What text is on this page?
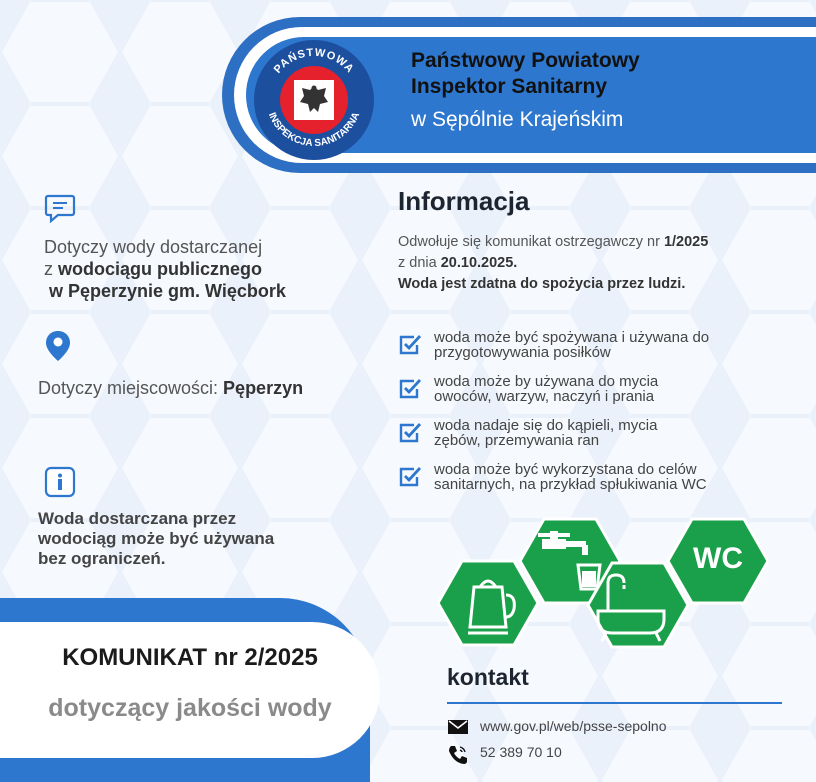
PAŃSTWOWA
INSPEKCJA SANITARNA
Państwowy Powiatowy
Inspektor Sanitarny
w Sępólnie Krajeńskim
Dotyczy wody dostarczanej
z wodociągu publicznego
w Pęperzynie gm. Więcbork
Dotyczy miejscowości: Pęperzyn
Woda dostarczana przez
wodociąg może być używana
bez ograniczeń.
Informacja
Odwołuje się komunikat ostrzegawczy nr 1/2025
z dnia 20.10.2025.
Woda jest zdatna do spożycia przez ludzi.
woda może być spożywana i używana do
przygotowywania posiłków
woda może by używana do mycia
owoców, warzyw, naczyń i prania
woda nadaje się do kąpieli, mycia
zębów, przemywania ran
woda może być wykorzystana do celów
sanitarnych, na przykład spłukiwania WC
WC
KOMUNIKAT nr 2/2025
dotyczący jakości wody
kontakt
www.gov.pl/web/psse-sepolno
52 389 70 10
